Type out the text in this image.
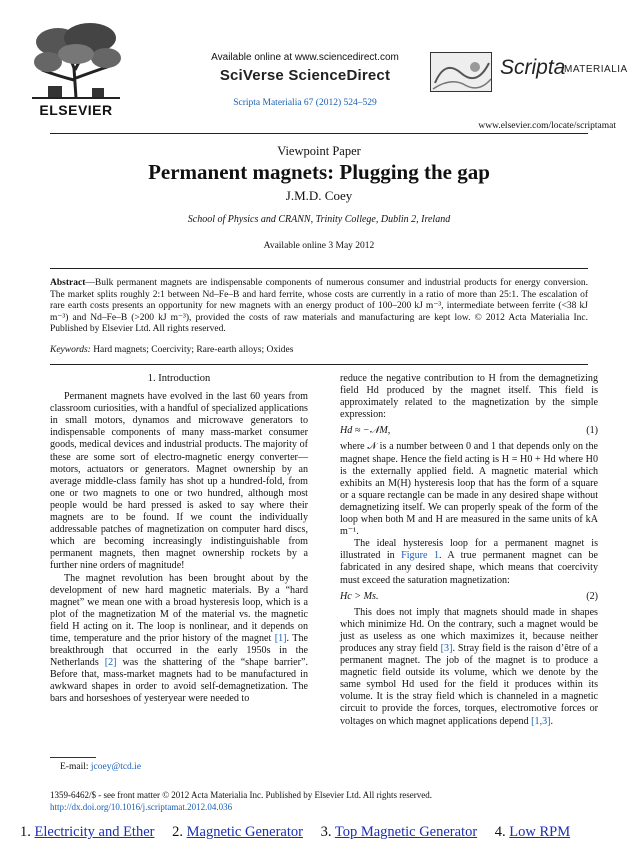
ELSEVIER
Available online at www.sciencedirect.com
SciVerse ScienceDirect
Scripta Materialia 67 (2012) 524–529
Scripta
MATERIALIA
www.elsevier.com/locate/scriptamat
Viewpoint Paper
Permanent magnets: Plugging the gap
J.M.D. Coey
School of Physics and CRANN, Trinity College, Dublin 2, Ireland
Available online 3 May 2012
Abstract—Bulk permanent magnets are indispensable components of numerous consumer and industrial products for energy conversion. The market splits roughly 2:1 between Nd–Fe–B and hard ferrite, whose costs are currently in a ratio of more than 25:1. The escalation of rare earth costs presents an opportunity for new magnets with an energy product of 100–200 kJ m⁻³, intermediate between ferrite (<38 kJ m⁻³) and Nd–Fe–B (>200 kJ m⁻³), provided the costs of raw materials and manufacturing are kept low. © 2012 Acta Materialia Inc. Published by Elsevier Ltd. All rights reserved.
Keywords: Hard magnets; Coercivity; Rare-earth alloys; Oxides
1. Introduction

Permanent magnets have evolved in the last 60 years from classroom curiosities, with a handful of specialized applications in small motors, dynamos and microwave generators to indispensable components of many mass-market consumer goods, medical devices and industrial products. The majority of these are some sort of electro-magnetic energy converter—motors, actuators or generators. Magnet ownership by an average middle-class family has shot up a hundred-fold, from one or two magnets to one or two hundred, although most people would be hard pressed is asked to say where their magnets are to be found. If we count the individually addressable patches of magnetization on computer hard discs, which are becoming increasingly indistinguishable from permanent magnets, then magnet ownership rockets by a further nine orders of magnitude!

The magnet revolution has been brought about by the development of new hard magnetic materials. By a “hard magnet” we mean one with a broad hysteresis loop, which is a plot of the magnetization M of the material vs. the magnetic field H acting on it. The loop is nonlinear, and it depends on time, temperature and the prior history of the magnet [1]. The breakthrough that occurred in the early 1950s in the Netherlands [2] was the shattering of the “shape barrier”. Before that, mass-market magnets had to be manufactured in awkward shapes in order to avoid self-demagnetization. The bars and horseshoes of yesteryear were needed to

reduce the negative contribution to H from the demagnetizing field Hd produced by the magnet itself. This field is approximately related to the magnetization by the simple expression:

Hd ≈ −𝒩M,	(1)

where 𝒩 is a number between 0 and 1 that depends only on the magnet shape. Hence the field acting is H = H0 + Hd where H0 is the externally applied field. A magnetic material which exhibits an M(H) hysteresis loop that has the form of a square or a square rectangle can be made in any desired shape without demagnetizing itself. We can properly speak of the form of the loop when both M and H are measured in the same units of kA m⁻¹.

The ideal hysteresis loop for a permanent magnet is illustrated in Figure 1. A true permanent magnet can be fabricated in any desired shape, which means that coercivity must exceed the saturation magnetization:

Hc > Ms.	(2)

This does not imply that magnets should made in shapes which minimize Hd. On the contrary, such a magnet would be just as useless as one which maximizes it, because neither produces any stray field [3]. Stray field is the raison d’être of a permanent magnet. The job of the magnet is to produce a magnetic field outside its volume, which we denote by the same symbol Hd used for the field it produces within its volume. It is the stray field which is channeled in a magnetic circuit to provide the forces, torques, electromotive forces or voltages on which magnet applications depend [1,3].

E-mail: jcoey@tcd.ie
1359-6462/$ - see front matter © 2012 Acta Materialia Inc. Published by Elsevier Ltd. All rights reserved.
http://dx.doi.org/10.1016/j.scriptamat.2012.04.036
1. Electricity and Ether 2. Magnetic Generator 3. Top Magnetic Generator 4. Low RPM
